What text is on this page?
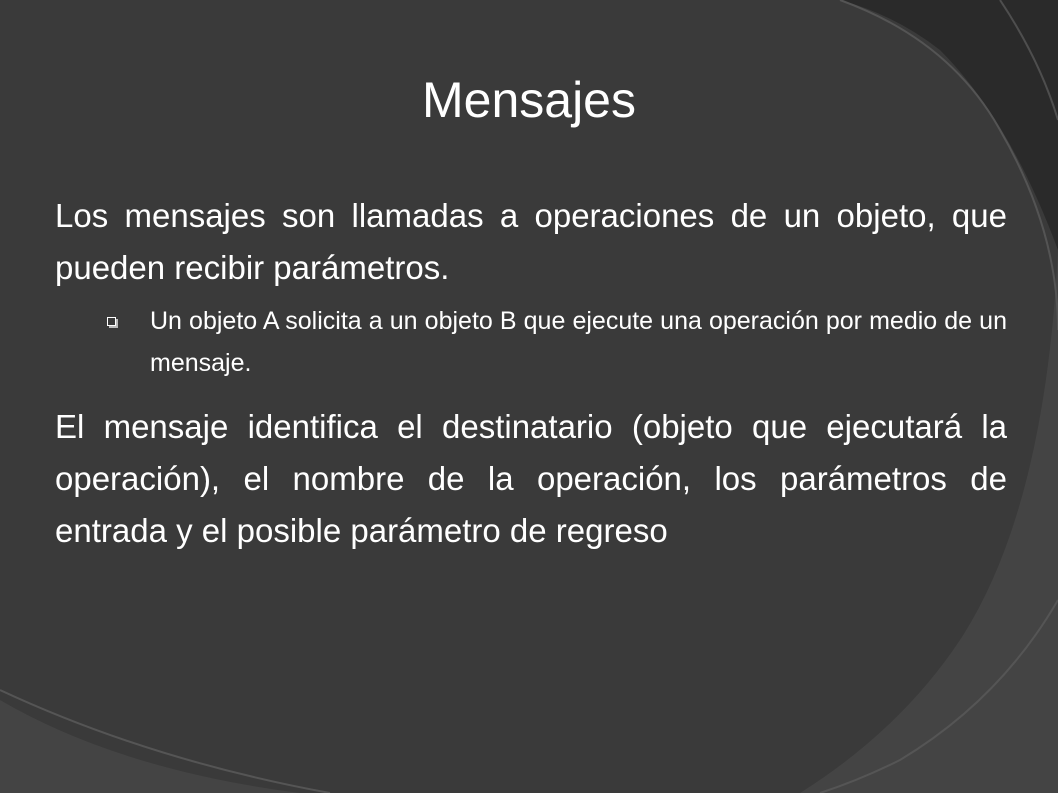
Mensajes

Los mensajes son llamadas a operaciones de un objeto, que pueden recibir parámetros.

Un objeto A solicita a un objeto B que ejecute una operación por medio de un mensaje.

El mensaje identifica el destinatario (objeto que ejecutará la operación), el nombre de la operación, los parámetros de entrada y el posible parámetro de regreso
